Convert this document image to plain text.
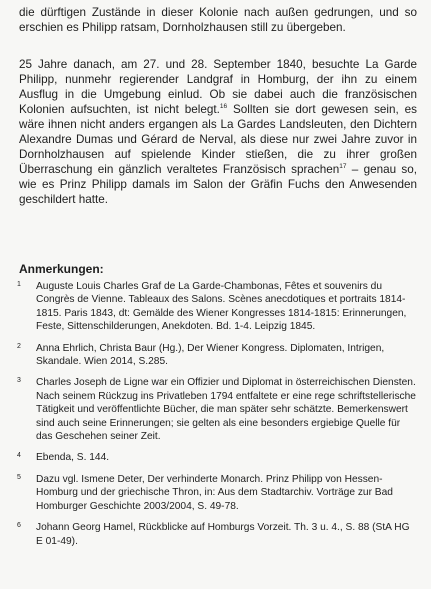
die dürftigen Zustände in dieser Kolonie nach außen gedrungen, und so erschien es Philipp ratsam, Dornholzhausen still zu übergeben.

25 Jahre danach, am 27. und 28. September 1840, besuchte La Garde Philipp, nunmehr regierender Landgraf in Homburg, der ihn zu einem Ausflug in die Umgebung einlud. Ob sie dabei auch die französischen Kolonien aufsuchten, ist nicht belegt.$^{16}$ Sollten sie dort gewesen sein, es wäre ihnen nicht anders ergangen als La Gardes Landsleuten, den Dichtern Alexandre Dumas und Gérard de Nerval, als diese nur zwei Jahre zuvor in Dornholzhausen auf spielende Kinder stießen, die zu ihrer großen Überraschung ein gänzlich veraltetes Französisch sprachen$^{17}$ – genau so, wie es Prinz Philipp damals im Salon der Gräfin Fuchs den Anwesenden geschildert hatte.

Anmerkungen:
1 Auguste Louis Charles Graf de La Garde-Chambonas, Fêtes et souvenirs du Congrès de Vienne. Tableaux des Salons. Scènes anecdotiques et portraits 1814-1815. Paris 1843, dt: Gemälde des Wiener Kongresses 1814-1815: Erinnerungen, Feste, Sittenschilderungen, Anekdoten. Bd. 1-4. Leipzig 1845.
2 Anna Ehrlich, Christa Baur (Hg.), Der Wiener Kongress. Diplomaten, Intrigen, Skandale. Wien 2014, S.285.
3 Charles Joseph de Ligne war ein Offizier und Diplomat in österreichischen Diensten. Nach seinem Rückzug ins Privatleben 1794 entfaltete er eine rege schriftstellerische Tätigkeit und veröffentlichte Bücher, die man später sehr schätzte. Bemerkenswert sind auch seine Erinnerungen; sie gelten als eine besonders ergiebige Quelle für das Geschehen seiner Zeit.
4 Ebenda, S. 144.
5 Dazu vgl. Ismene Deter, Der verhinderte Monarch. Prinz Philipp von Hessen-Homburg und der griechische Thron, in: Aus dem Stadtarchiv. Vorträge zur Bad Homburger Geschichte 2003/2004, S. 49-78.
6 Johann Georg Hamel, Rückblicke auf Homburgs Vorzeit. Th. 3 u. 4., S. 88 (StA HG E 01-49).
